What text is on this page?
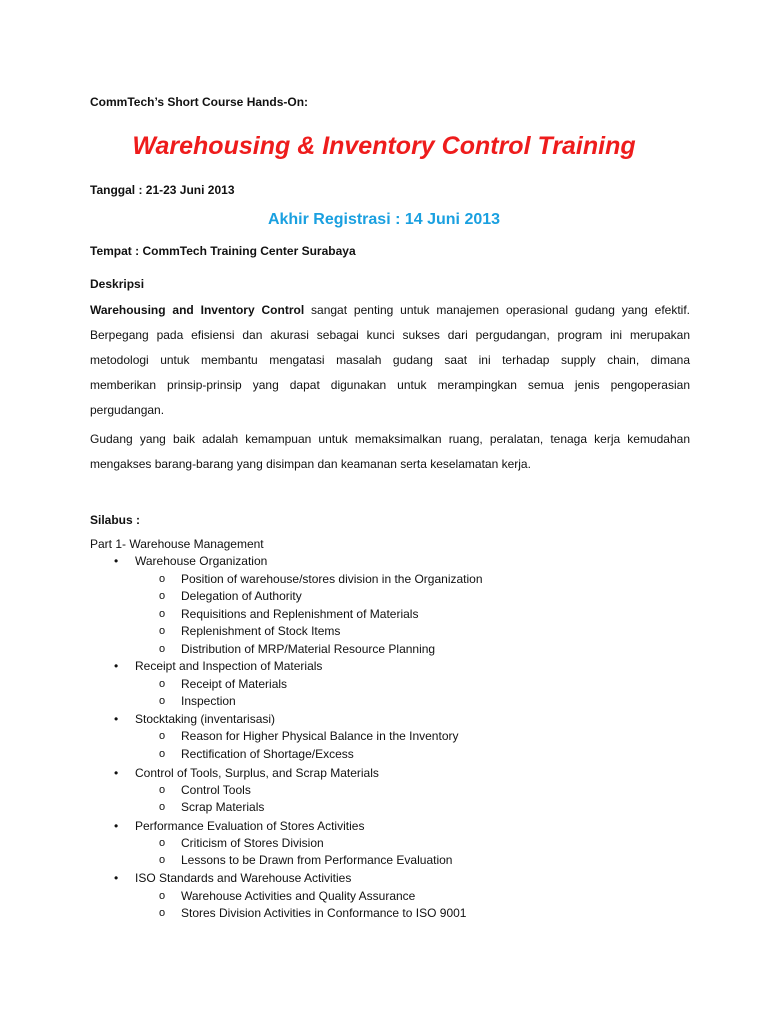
CommTech’s Short Course Hands-On:
Warehousing & Inventory Control Training
Tanggal : 21-23 Juni 2013
Akhir Registrasi : 14 Juni 2013
Tempat : CommTech Training Center Surabaya
Deskripsi
Warehousing and Inventory Control sangat penting untuk manajemen operasional gudang yang efektif.
Berpegang pada efisiensi dan akurasi sebagai kunci sukses dari pergudangan, program ini merupakan
metodologi untuk membantu mengatasi masalah gudang saat ini terhadap supply chain, dimana
memberikan prinsip-prinsip yang dapat digunakan untuk merampingkan semua jenis pengoperasian
pergudangan.
Gudang yang baik adalah kemampuan untuk memaksimalkan ruang, peralatan, tenaga kerja kemudahan
mengakses barang-barang yang disimpan dan keamanan serta keselamatan kerja.
Silabus :
Part 1- Warehouse Management
• Warehouse Organization
o Position of warehouse/stores division in the Organization
o Delegation of Authority
o Requisitions and Replenishment of Materials
o Replenishment of Stock Items
o Distribution of MRP/Material Resource Planning
• Receipt and Inspection of Materials
o Receipt of Materials
o Inspection
• Stocktaking (inventarisasi)
o Reason for Higher Physical Balance in the Inventory
o Rectification of Shortage/Excess
• Control of Tools, Surplus, and Scrap Materials
o Control Tools
o Scrap Materials
• Performance Evaluation of Stores Activities
o Criticism of Stores Division
o Lessons to be Drawn from Performance Evaluation
• ISO Standards and Warehouse Activities
o Warehouse Activities and Quality Assurance
o Stores Division Activities in Conformance to ISO 9001
